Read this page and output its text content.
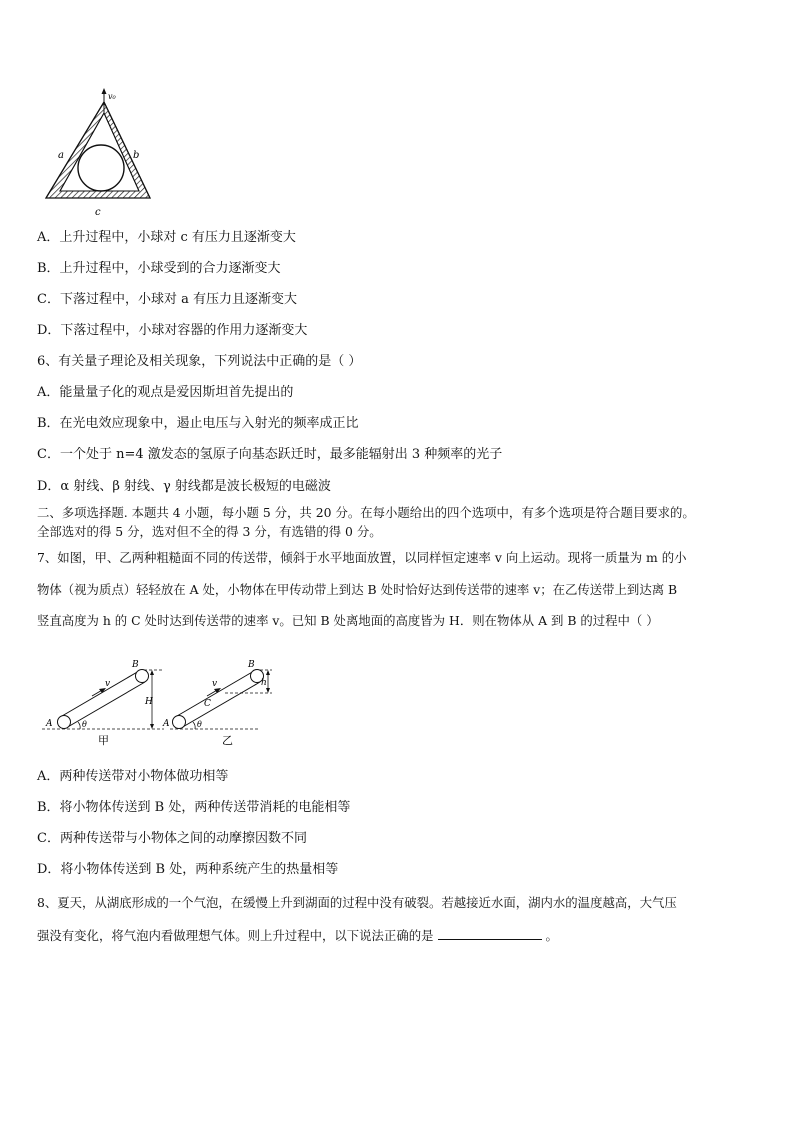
v₀
a	b
c
A．上升过程中，小球对 c 有压力且逐渐变大
B．上升过程中，小球受到的合力逐渐变大
C．下落过程中，小球对 a 有压力且逐渐变大
D．下落过程中，小球对容器的作用力逐渐变大
6、有关量子理论及相关现象，下列说法中正确的是（ ）
A．能量量子化的观点是爱因斯坦首先提出的
B．在光电效应现象中，遏止电压与入射光的频率成正比
C．一个处于 n=4 激发态的氢原子向基态跃迁时，最多能辐射出 3 种频率的光子
D．α 射线、β 射线、γ 射线都是波长极短的电磁波
二、多项选择题. 本题共 4 小题，每小题 5 分，共 20 分。在每小题给出的四个选项中，有多个选项是符合题目要求的。
全部选对的得 5 分，选对但不全的得 3 分，有选错的得 0 分。
7、如图，甲、乙两种粗糙面不同的传送带，倾斜于水平地面放置，以同样恒定速率 v 向上运动。现将一质量为 m 的小
物体（视为质点）轻轻放在 A 处，小物体在甲传动带上到达 B 处时恰好达到传送带的速率 v；在乙传送带上到达离 B
竖直高度为 h 的 C 处时达到传送带的速率 v。已知 B 处离地面的高度皆为 H．则在物体从 A 到 B 的过程中（ ）
A
B
v
H
θ
甲
A
B
C
v	h
θ
乙
A．两种传送带对小物体做功相等
B．将小物体传送到 B 处，两种传送带消耗的电能相等
C．两种传送带与小物体之间的动摩擦因数不同
D．将小物体传送到 B 处，两种系统产生的热量相等
8、夏天，从湖底形成的一个气泡，在缓慢上升到湖面的过程中没有破裂。若越接近水面，湖内水的温度越高，大气压
强没有变化，将气泡内看做理想气体。则上升过程中，以下说法正确的是	。
